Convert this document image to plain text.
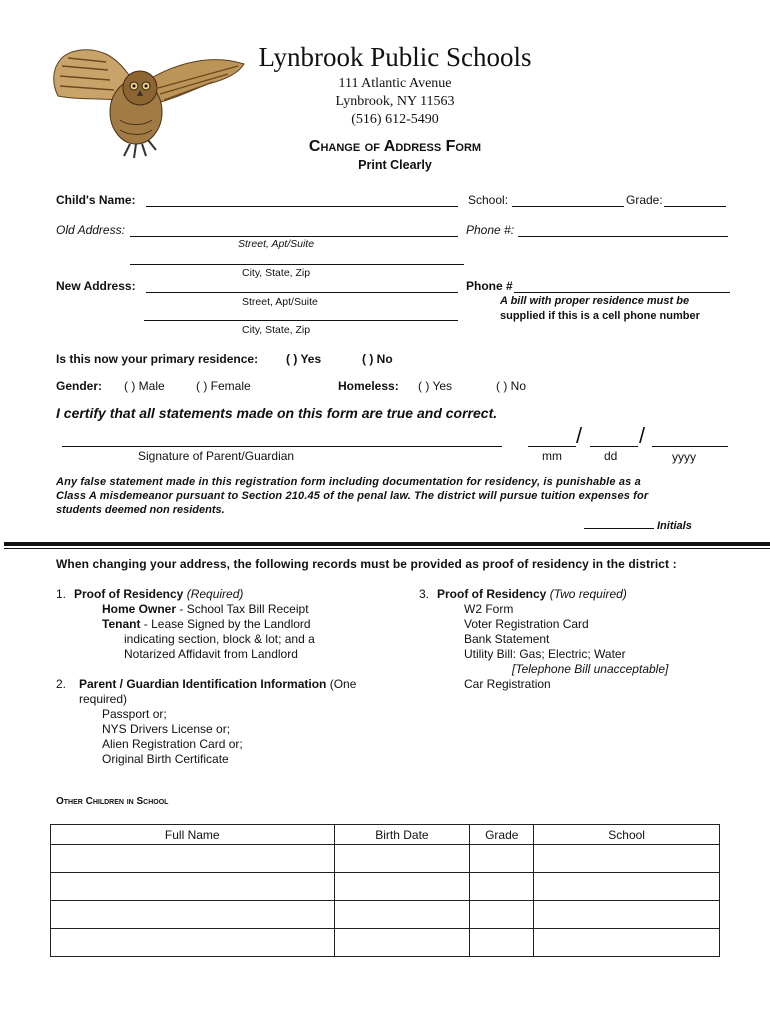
Lynbrook Public Schools
111 Atlantic Avenue
Lynbrook, NY 11563
(516) 612-5490
Change of Address Form
Print Clearly
Child's Name:	School:	Grade:
Old Address:	Phone #:
Street, Apt/Suite
City, State, Zip
New Address:	Phone #
Street, Apt/Suite	A bill with proper residence must be
supplied if this is a cell phone number
City, State, Zip
Is this now your primary residence: ( ) Yes	( ) No
Gender: ( ) Male	( ) Female	Homeless: ( ) Yes	( ) No
I certify that all statements made on this form are true and correct.
Signature of Parent/Guardian
/	/
mm	dd	yyyy
Any false statement made in this registration form including documentation for residency, is punishable as a
Class A misdemeanor pursuant to Section 210.45 of the penal law. The district will pursue tuition expenses for
students deemed non residents.
Initials
When changing your address, the following records must be provided as proof of residency in the district :
1. Proof of Residency (Required)
Home Owner - School Tax Bill Receipt
Tenant - Lease Signed by the Landlord
indicating section, block & lot; and a
Notarized Affidavit from Landlord
2. Parent / Guardian Identification Information (One
required)
Passport or;
NYS Drivers License or;
Alien Registration Card or;
Original Birth Certificate
3. Proof of Residency (Two required)
W2 Form
Voter Registration Card
Bank Statement
Utility Bill: Gas; Electric; Water
[Telephone Bill unacceptable]
Car Registration
Other Children in School
Full Name	Birth Date	Grade	School
